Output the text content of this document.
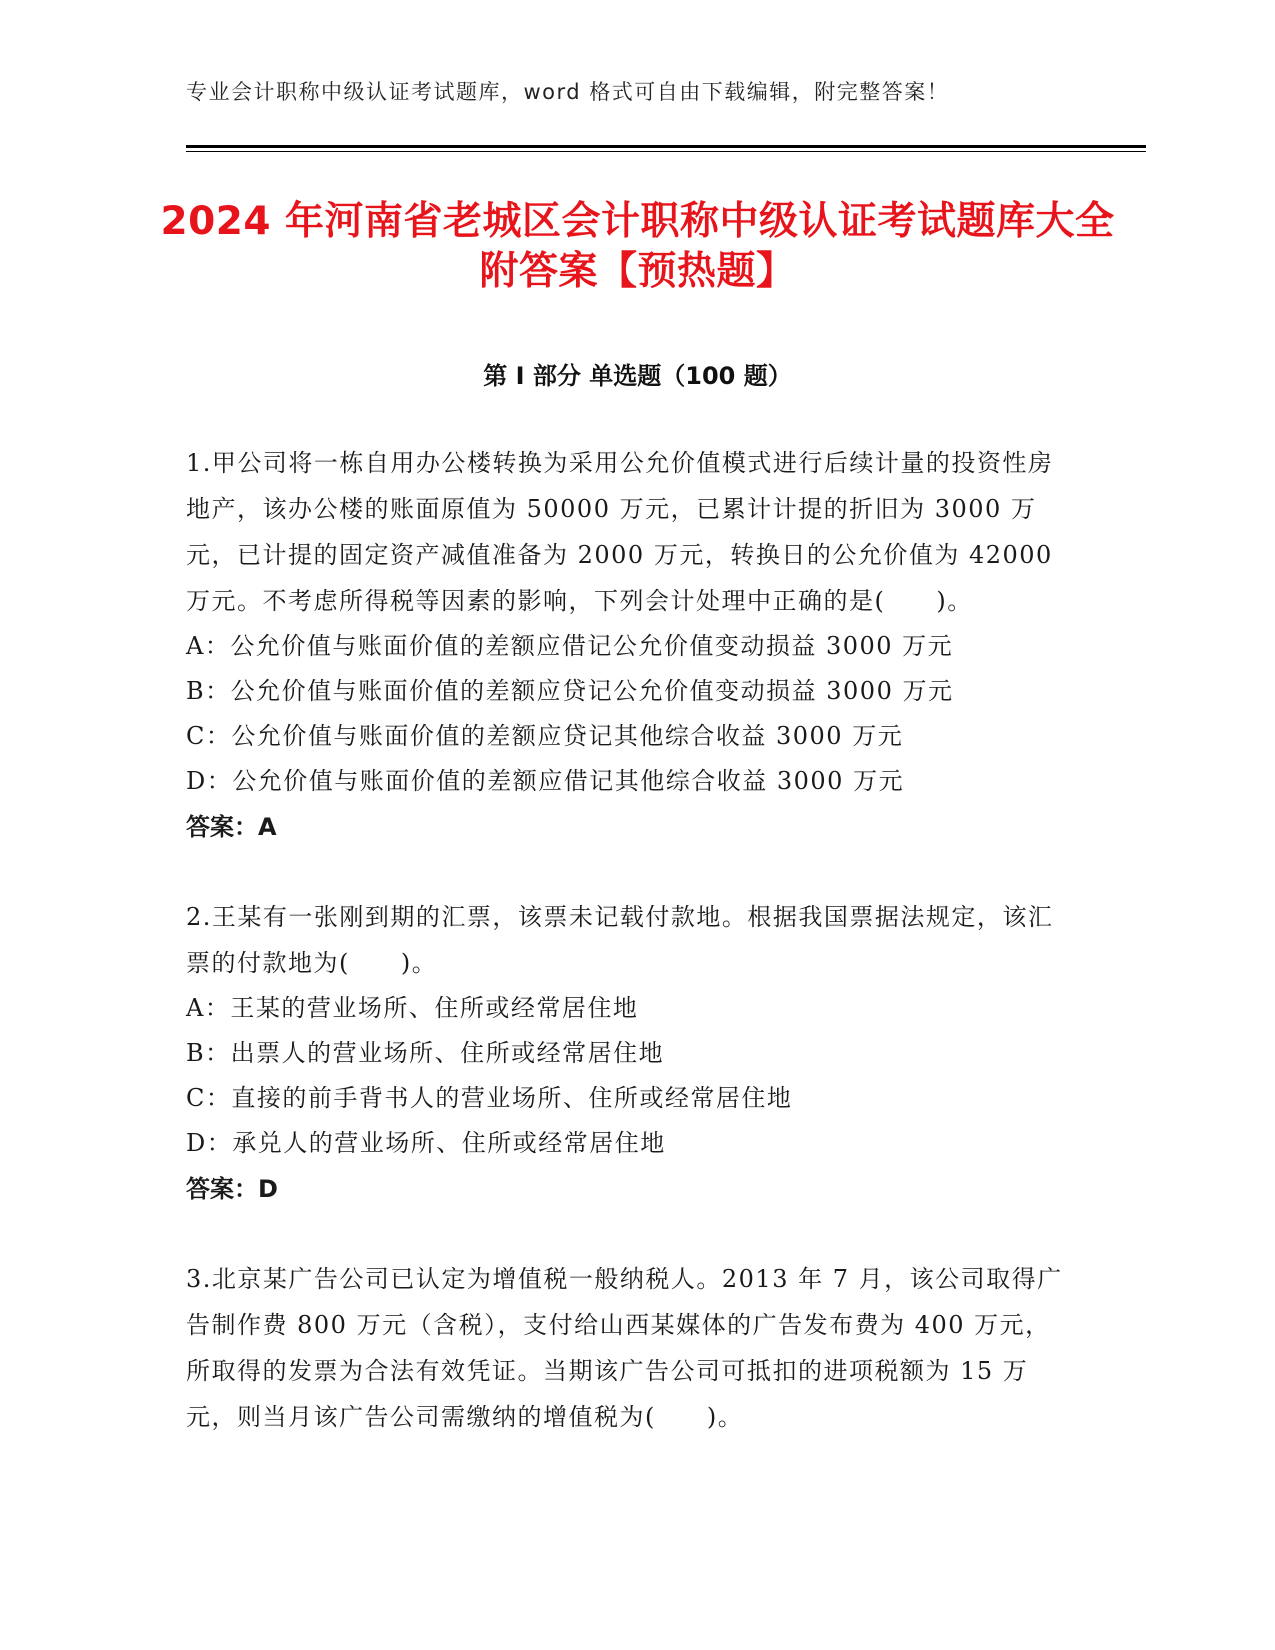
专业会计职称中级认证考试题库，word 格式可自由下载编辑，附完整答案！
2024 年河南省老城区会计职称中级认证考试题库大全附答案【预热题】
第 I 部分 单选题（100 题）

1.甲公司将一栋自用办公楼转换为采用公允价值模式进行后续计量的投资性房地产，该办公楼的账面原值为 50000 万元，已累计计提的折旧为 3000 万元，已计提的固定资产减值准备为 2000 万元，转换日的公允价值为 42000 万元。不考虑所得税等因素的影响，下列会计处理中正确的是(　　)。

A：公允价值与账面价值的差额应借记公允价值变动损益 3000 万元

B：公允价值与账面价值的差额应贷记公允价值变动损益 3000 万元

C：公允价值与账面价值的差额应贷记其他综合收益 3000 万元

D：公允价值与账面价值的差额应借记其他综合收益 3000 万元

答案：A

2.王某有一张刚到期的汇票，该票未记载付款地。根据我国票据法规定，该汇票的付款地为(　　)。

A：王某的营业场所、住所或经常居住地

B：出票人的营业场所、住所或经常居住地

C：直接的前手背书人的营业场所、住所或经常居住地

D：承兑人的营业场所、住所或经常居住地

答案：D

3.北京某广告公司已认定为增值税一般纳税人。2013 年 7 月，该公司取得广告制作费 800 万元（含税），支付给山西某媒体的广告发布费为 400 万元，所取得的发票为合法有效凭证。当期该广告公司可抵扣的进项税额为 15 万元，则当月该广告公司需缴纳的增值税为(　　)。
